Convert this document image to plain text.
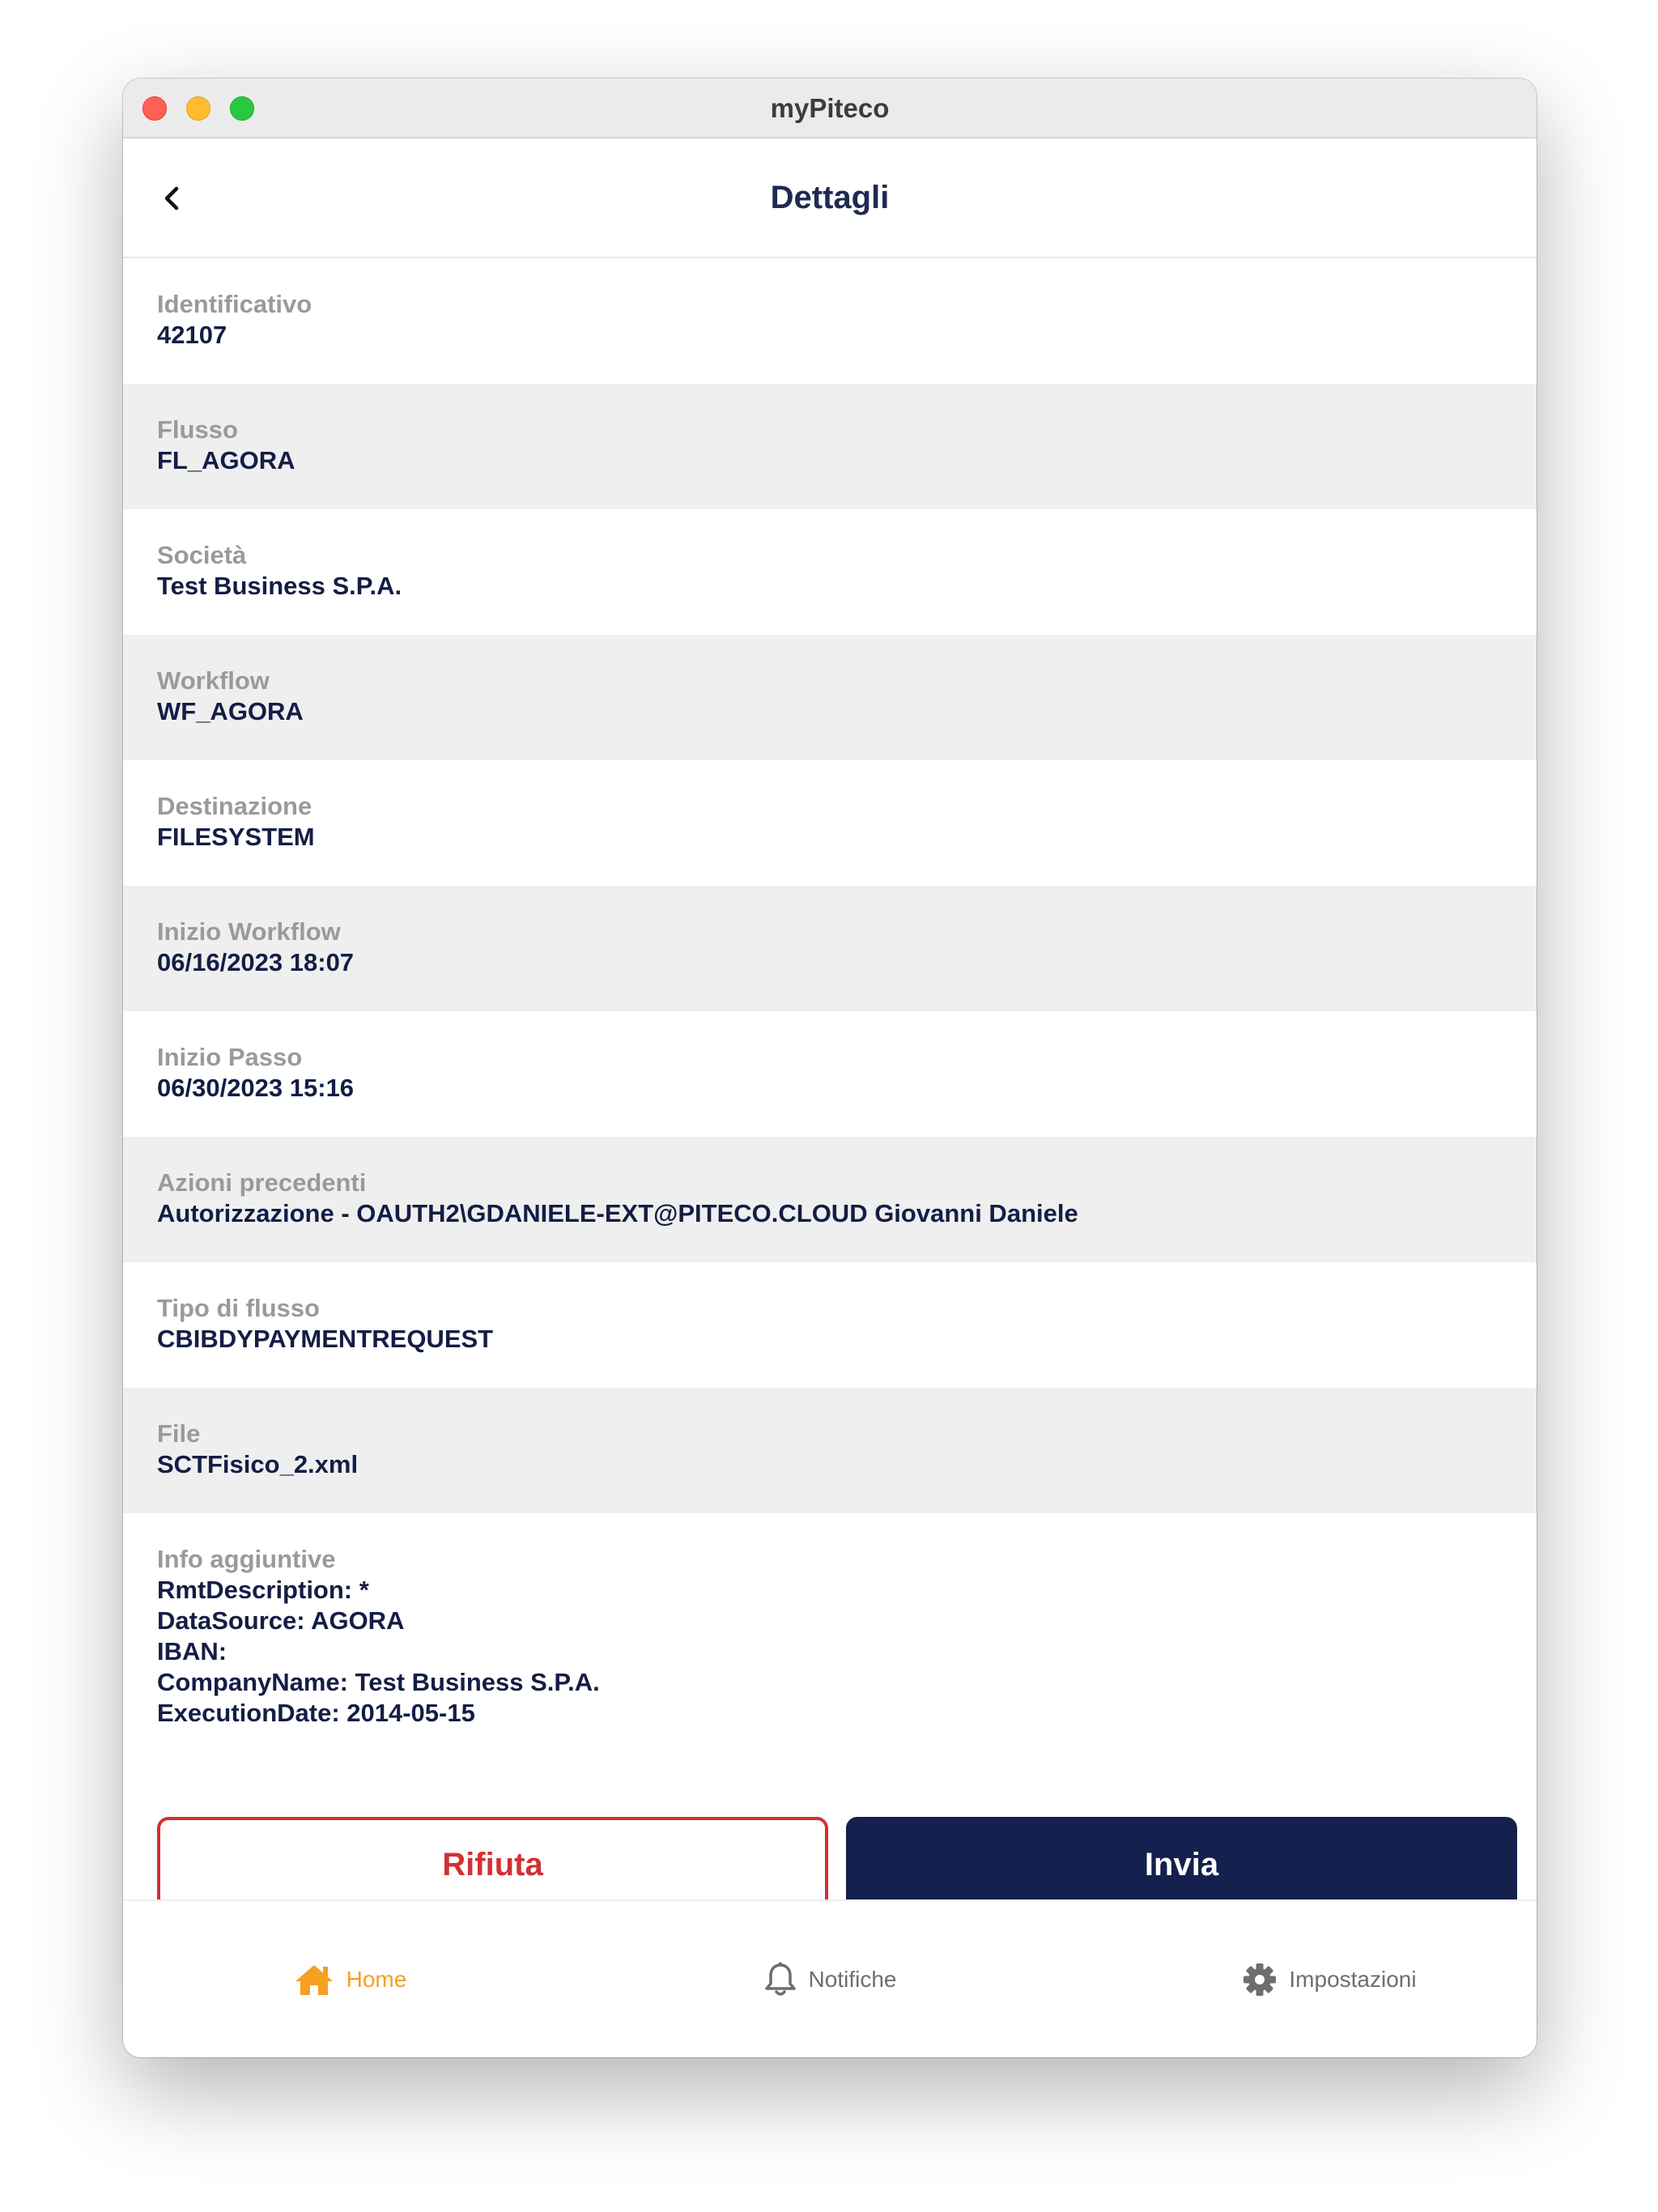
myPiteco
Dettagli
Identificativo
42107
Flusso
FL_AGORA
Società
Test Business S.P.A.
Workflow
WF_AGORA
Destinazione
FILESYSTEM
Inizio Workflow
06/16/2023 18:07
Inizio Passo
06/30/2023 15:16
Azioni precedenti
Autorizzazione - OAUTH2\GDANIELE-EXT@PITECO.CLOUD Giovanni Daniele
Tipo di flusso
CBIBDYPAYMENTREQUEST
File
SCTFisico_2.xml
Info aggiuntive
RmtDescription: *
DataSource: AGORA
IBAN:
CompanyName: Test Business S.P.A.
ExecutionDate: 2014-05-15
Rifiuta	Invia
Home	Notifiche	Impostazioni
